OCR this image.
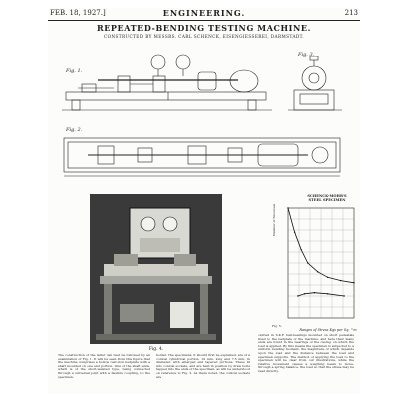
FEB. 18, 1927.]	ENGINEERING.	213
REPEATED-BENDING TESTING MACHINE.
CONSTRUCTED BY MESSRS. CARL SCHENCK, EISENGIESSEREI, DARMSTADT.
Fig. 1.
Fig. 3.
Fig. 2.
Fig. 4.
SCHENCK-MOHR'S
STEEL SPECIMEN
Number of Reversals
Ranges of Stress Kgs per Sq. ^m
Fig. 5.

The construction of the latter can best be followed by an examination of Fig. 1. It will be seen from this figure that the machine comprises a hollow cast-iron bedplate with a shaft mounted on one end portion. One of the shaft ends, which is of the short-waisted type, being connected through a universal joint with a flexible coupling, to the specimen.

holder. The specimens, it should first be explained, are of a conical cylindrical portion, 10 mm. long and 7.5 mm. in diameter, with enlarged end tapered portions. These fit into conical sockets, and are held in position by draw bolts tapped into the ends of the specimen, as will be understood on reference to Fig. 2. As there noted, the conical sockets are

carried in S.K.F. ball-bearings mounted on short pedestals fixed to the bedplate of the machine, and here their many ends are found in the bearings of the casing, on which the load is applied. By this means the specimen is subjected to a uniform bending moment, the magnitude of which depends upon the load and the distance between the load and specimen supports. The method of applying the load to the specimen will be clear from our illustrations, while the relative movement causes a weighing beam to move, through a spring balance, the load so that the stress may be read directly.
